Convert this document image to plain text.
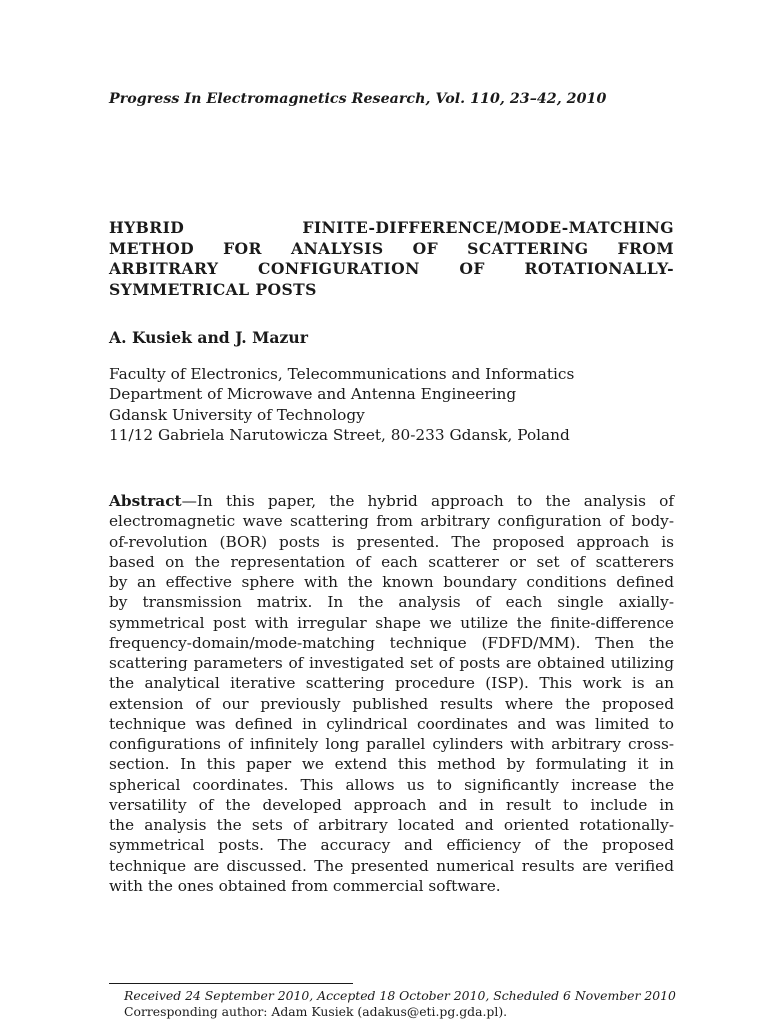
Progress In Electromagnetics Research, Vol. 110, 23–42, 2010
HYBRID FINITE-DIFFERENCE/MODE-MATCHING
METHOD FOR ANALYSIS OF SCATTERING FROM
ARBITRARY CONFIGURATION OF ROTATIONALLY-
SYMMETRICAL POSTS
A. Kusiek and J. Mazur
Faculty of Electronics, Telecommunications and Informatics
Department of Microwave and Antenna Engineering
Gdansk University of Technology
11/12 Gabriela Narutowicza Street, 80-233 Gdansk, Poland
Abstract—In this paper, the hybrid approach to the analysis of
electromagnetic wave scattering from arbitrary configuration of body-
of-revolution (BOR) posts is presented. The proposed approach is
based on the representation of each scatterer or set of scatterers
by an effective sphere with the known boundary conditions defined
by transmission matrix. In the analysis of each single axially-
symmetrical post with irregular shape we utilize the finite-difference
frequency-domain/mode-matching technique (FDFD/MM). Then the
scattering parameters of investigated set of posts are obtained utilizing
the analytical iterative scattering procedure (ISP). This work is an
extension of our previously published results where the proposed
technique was defined in cylindrical coordinates and was limited to
configurations of infinitely long parallel cylinders with arbitrary cross-
section. In this paper we extend this method by formulating it in
spherical coordinates. This allows us to significantly increase the
versatility of the developed approach and in result to include in
the analysis the sets of arbitrary located and oriented rotationally-
symmetrical posts. The accuracy and efficiency of the proposed
technique are discussed. The presented numerical results are verified
with the ones obtained from commercial software.
Received 24 September 2010, Accepted 18 October 2010, Scheduled 6 November 2010
Corresponding author: Adam Kusiek (adakus@eti.pg.gda.pl).
